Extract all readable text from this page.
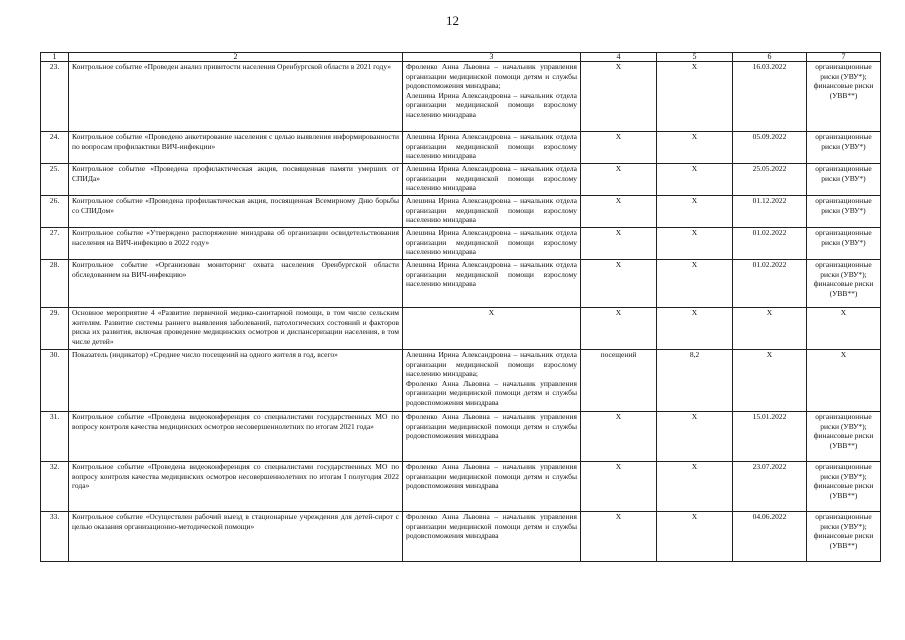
12
1	2	3	4	5	6	7
23.	Контрольное событие «Проведен анализ привитости населения Оренбургской области в 2021 году»	Фроленко Анна Львовна – начальник управления организации медицинской помощи детям и службы родовспоможения минздрава;
Алешина Ирина Александровна – начальник отдела организации медицинской помощи взрослому населению минздрава	X	X	16.03.2022	организационные риски (УВУ*); финансовые риски (УВВ**)
24.	Контрольное событие «Проведено анкетирование населения с целью выявления информированности по вопросам профилактики ВИЧ-инфекции»	Алешина Ирина Александровна – начальник отдела организации медицинской помощи взрослому населению минздрава	X	X	05.09.2022	организационные риски (УВУ*)
25.	Контрольное событие «Проведена профилактическая акция, посвященная памяти умерших от СПИДа»	Алешина Ирина Александровна – начальник отдела организации медицинской помощи взрослому населению минздрава	X	X	25.05.2022	организационные риски (УВУ*)
26.	Контрольное событие «Проведена профилактическая акция, посвященная Всемирному Дню борьбы со СПИДом»	Алешина Ирина Александровна – начальник отдела организации медицинской помощи взрослому населению минздрава	X	X	01.12.2022	организационные риски (УВУ*)
27.	Контрольное событие «Утверждено распоряжение минздрава об организации освидетельствования населения на ВИЧ-инфекцию в 2022 году»	Алешина Ирина Александровна – начальник отдела организации медицинской помощи взрослому населению минздрава	X	X	01.02.2022	организационные риски (УВУ*)
28.	Контрольное событие «Организован мониторинг охвата населения Оренбургской области обследованием на ВИЧ-инфекцию»	Алешина Ирина Александровна – начальник отдела организации медицинской помощи взрослому населению минздрава	X	X	01.02.2022	организационные риски (УВУ*); финансовые риски (УВВ**)
29.	Основное мероприятие 4 «Развитие первичной медико-санитарной помощи, в том числе сельским жителям. Развитие системы раннего выявления заболеваний, патологических состояний и факторов риска их развития, включая проведение медицинских осмотров и диспансеризации населения, в том числе детей»	X	X	X	X	X
30.	Показатель (индикатор) «Среднее число посещений на одного жителя в год, всего»	Алешина Ирина Александровна – начальник отдела организации медицинской помощи взрослому населению минздрава;
Фроленко Анна Львовна – начальник управления организации медицинской помощи детям и службы родовспоможения минздрава	посещений	8,2	X	X
31.	Контрольное событие «Проведена видеоконференция со специалистами государственных МО по вопросу контроля качества медицинских осмотров несовершеннолетних по итогам 2021 года»	Фроленко Анна Львовна – начальник управления организации медицинской помощи детям и службы родовспоможения минздрава	X	X	15.01.2022	организационные риски (УВУ*); финансовые риски (УВВ**)
32.	Контрольное событие «Проведена видеоконференция со специалистами государственных МО по вопросу контроля качества медицинских осмотров несовершеннолетних по итогам I полугодия 2022 года»	Фроленко Анна Львовна – начальник управления организации медицинской помощи детям и службы родовспоможения минздрава	X	X	23.07.2022	организационные риски (УВУ*); финансовые риски (УВВ**)
33.	Контрольное событие «Осуществлен рабочий выезд в стационарные учреждения для детей-сирот с целью оказания организационно-методической помощи»	Фроленко Анна Львовна – начальник управления организации медицинской помощи детям и службы родовспоможения минздрава	X	X	04.06.2022	организационные риски (УВУ*); финансовые риски (УВВ**)
